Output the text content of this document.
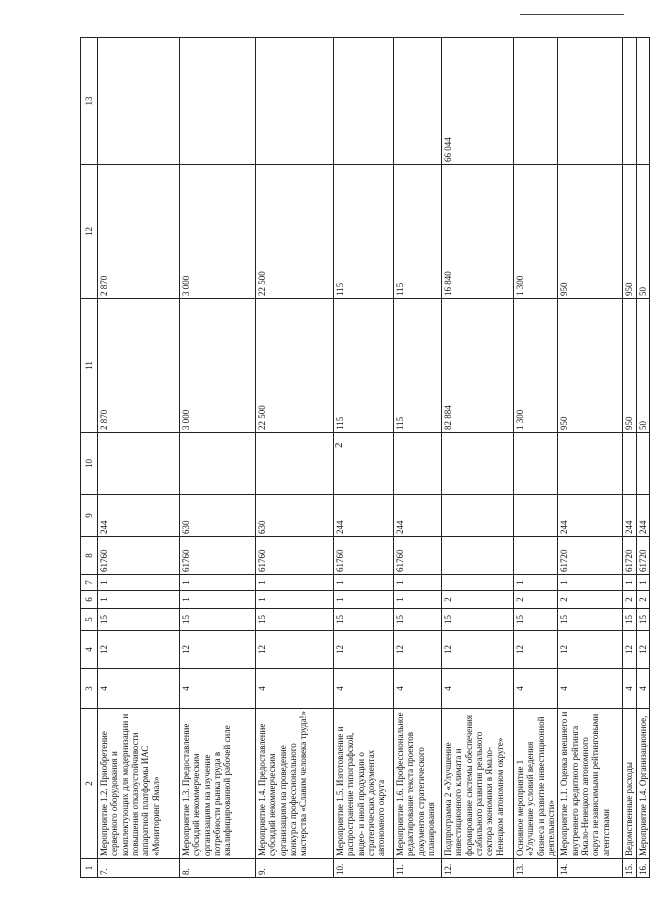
2
1	2	3	4	5	6	7	8	9	10	11	12	13
7.	Мероприятие 1.2. Приобретение серверного оборудования и комплектующих для модернизации и повышения отказоустойчивости аппаратной платформы ИАС «Мониторинг Ямал»	4	12	15	1	1	61760	244		2 870	2 870	
8.	Мероприятие 1.3. Предоставление субсидий некоммерческим организациям на изучение потребности рынка труда в квалифицированной рабочей силе	4	12	15	1	1	61760	630		3 000	3 000	
9.	Мероприятие 1.4. Предоставление субсидий некоммерческим организациям на проведение конкурса профессионального мастерства «Славим человека труда!»	4	12	15	1	1	61760	630		22 500	22 500	
10.	Мероприятие 1.5. Изготовление и распространение типографской, видео- и иной продукции о стратегических документах автономного округа	4	12	15	1	1	61760	244		115	115	
11.	Мероприятие 1.6. Профессиональное редактирование текста проектов документов стратегического планирования	4	12	15	1	1	61760	244		115	115	
12.	Подпрограмма 2 «Улучшение инвестиционного климата и формирование системы обеспечения стабильного развития реального сектора экономики в Ямало-Ненецком автономном округе»	4	12	15	2					82 884	16 840	66 044
13.	Основное мероприятие 1 «Улучшение условий ведения бизнеса и развитие инвестиционной деятельности»	4	12	15	2	1				1 300	1 300	
14.	Мероприятие 1.1. Оценка внешнего и внутреннего кредитного рейтинга Ямало-Ненецкого автономного округа независимыми рейтинговыми агентствами	4	12	15	2	1	61720	244		950	950	
15.	Ведомственные расходы	4	12	15	2	1	61720	244		950	950	
16.	Мероприятие 1.4. Организационное,	4	12	15	2	1	61720	244		50	50	
